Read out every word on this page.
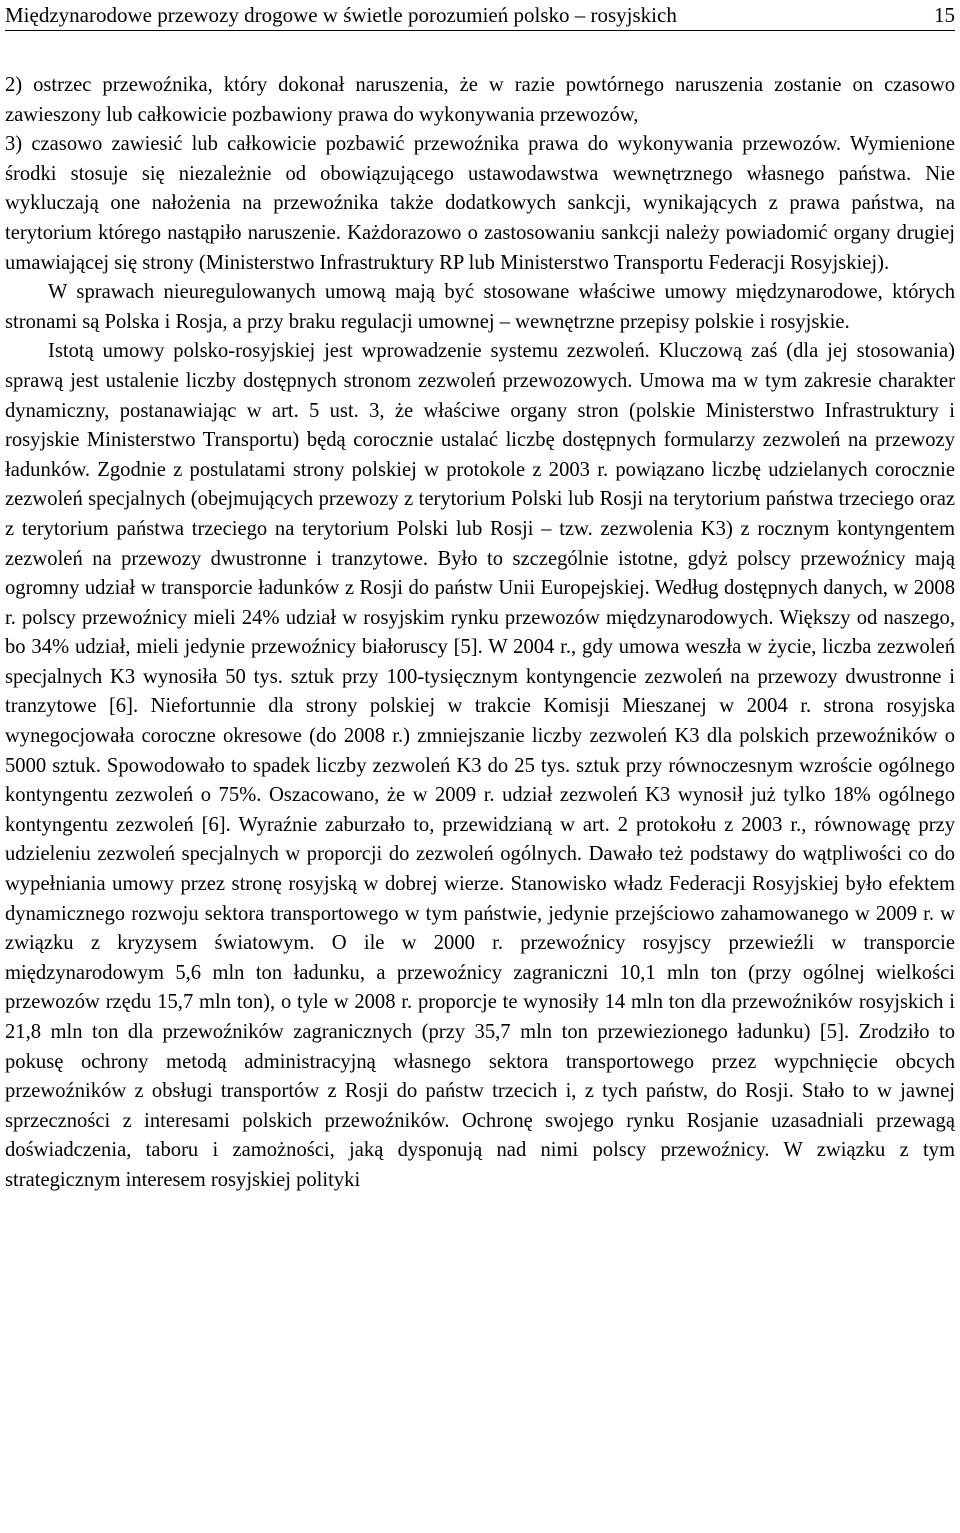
Międzynarodowe przewozy drogowe w świetle porozumień polsko – rosyjskich	15

2) ostrzec przewoźnika, który dokonał naruszenia, że w razie powtórnego naruszenia zostanie on czasowo zawieszony lub całkowicie pozbawiony prawa do wykonywania przewozów,

3) czasowo zawiesić lub całkowicie pozbawić przewoźnika prawa do wykonywania przewozów. Wymienione środki stosuje się niezależnie od obowiązującego ustawodawstwa wewnętrznego własnego państwa. Nie wykluczają one nałożenia na przewoźnika także dodatkowych sankcji, wynikających z prawa państwa, na terytorium którego nastąpiło naruszenie. Każdorazowo o zastosowaniu sankcji należy powiadomić organy drugiej umawiającej się strony (Ministerstwo Infrastruktury RP lub Ministerstwo Transportu Federacji Rosyjskiej).

W sprawach nieuregulowanych umową mają być stosowane właściwe umowy międzynarodowe, których stronami są Polska i Rosja, a przy braku regulacji umownej – wewnętrzne przepisy polskie i rosyjskie.

Istotą umowy polsko-rosyjskiej jest wprowadzenie systemu zezwoleń. Kluczową zaś (dla jej stosowania) sprawą jest ustalenie liczby dostępnych stronom zezwoleń przewozowych. Umowa ma w tym zakresie charakter dynamiczny, postanawiając w art. 5 ust. 3, że właściwe organy stron (polskie Ministerstwo Infrastruktury i rosyjskie Ministerstwo Transportu) będą corocznie ustalać liczbę dostępnych formularzy zezwoleń na przewozy ładunków. Zgodnie z postulatami strony polskiej w protokole z 2003 r. powiązano liczbę udzielanych corocznie zezwoleń specjalnych (obejmujących przewozy z terytorium Polski lub Rosji na terytorium państwa trzeciego oraz z terytorium państwa trzeciego na terytorium Polski lub Rosji – tzw. zezwolenia K3) z rocznym kontyngentem zezwoleń na przewozy dwustronne i tranzytowe. Było to szczególnie istotne, gdyż polscy przewoźnicy mają ogromny udział w transporcie ładunków z Rosji do państw Unii Europejskiej. Według dostępnych danych, w 2008 r. polscy przewoźnicy mieli 24% udział w rosyjskim rynku przewozów międzynarodowych. Większy od naszego, bo 34% udział, mieli jedynie przewoźnicy białoruscy [5]. W 2004 r., gdy umowa weszła w życie, liczba zezwoleń specjalnych K3 wynosiła 50 tys. sztuk przy 100-tysięcznym kontyngencie zezwoleń na przewozy dwustronne i tranzytowe [6]. Niefortunnie dla strony polskiej w trakcie Komisji Mieszanej w 2004 r. strona rosyjska wynegocjowała coroczne okresowe (do 2008 r.) zmniejszanie liczby zezwoleń K3 dla polskich przewoźników o 5000 sztuk. Spowodowało to spadek liczby zezwoleń K3 do 25 tys. sztuk przy równoczesnym wzroście ogólnego kontyngentu zezwoleń o 75%. Oszacowano, że w 2009 r. udział zezwoleń K3 wynosił już tylko 18% ogólnego kontyngentu zezwoleń [6]. Wyraźnie zaburzało to, przewidzianą w art. 2 protokołu z 2003 r., równowagę przy udzieleniu zezwoleń specjalnych w proporcji do zezwoleń ogólnych. Dawało też podstawy do wątpliwości co do wypełniania umowy przez stronę rosyjską w dobrej wierze. Stanowisko władz Federacji Rosyjskiej było efektem dynamicznego rozwoju sektora transportowego w tym państwie, jedynie przejściowo zahamowanego w 2009 r. w związku z kryzysem światowym. O ile w 2000 r. przewoźnicy rosyjscy przewieźli w transporcie międzynarodowym 5,6 mln ton ładunku, a przewoźnicy zagraniczni 10,1 mln ton (przy ogólnej wielkości przewozów rzędu 15,7 mln ton), o tyle w 2008 r. proporcje te wynosiły 14 mln ton dla przewoźników rosyjskich i 21,8 mln ton dla przewoźników zagranicznych (przy 35,7 mln ton przewiezionego ładunku) [5]. Zrodziło to pokusę ochrony metodą administracyjną własnego sektora transportowego przez wypchnięcie obcych przewoźników z obsługi transportów z Rosji do państw trzecich i, z tych państw, do Rosji. Stało to w jawnej sprzeczności z interesami polskich przewoźników. Ochronę swojego rynku Rosjanie uzasadniali przewagą doświadczenia, taboru i zamożności, jaką dysponują nad nimi polscy przewoźnicy. W związku z tym strategicznym interesem rosyjskiej polityki
